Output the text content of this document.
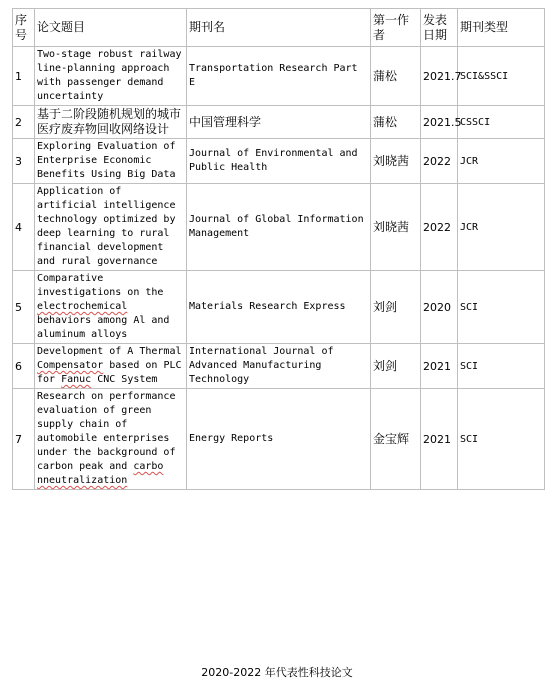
序号	论文题目	期刊名	第一作者	发表日期	期刊类型
1	Two-stage robust railway line-planning approach with passenger demand uncertainty	Transportation Research Part E	蒲松	2021.7	SCI&SSCI
2	基于二阶段随机规划的城市医疗废弃物回收网络设计	中国管理科学	蒲松	2021.5	CSSCI
3	Exploring Evaluation of Enterprise Economic Benefits Using Big Data	Journal of Environmental and Public Health	刘晓茜	2022	JCR
4	Application of artificial intelligence technology optimized by deep learning to rural financial development and rural governance	Journal of Global Information Management	刘晓茜	2022	JCR
5	Comparative investigations on the electrochemical behaviors among Al and aluminum alloys	Materials Research Express	刘剑	2020	SCI
6	Development of A Thermal Compensator based on PLC for Fanuc CNC System	International Journal of Advanced Manufacturing Technology	刘剑	2021	SCI
7	Research on performance evaluation of green supply chain of automobile enterprises under the background of carbon peak and carbo nneutralization	Energy Reports	金宝辉	2021	SCI
2020-2022 年代表性科技论文
